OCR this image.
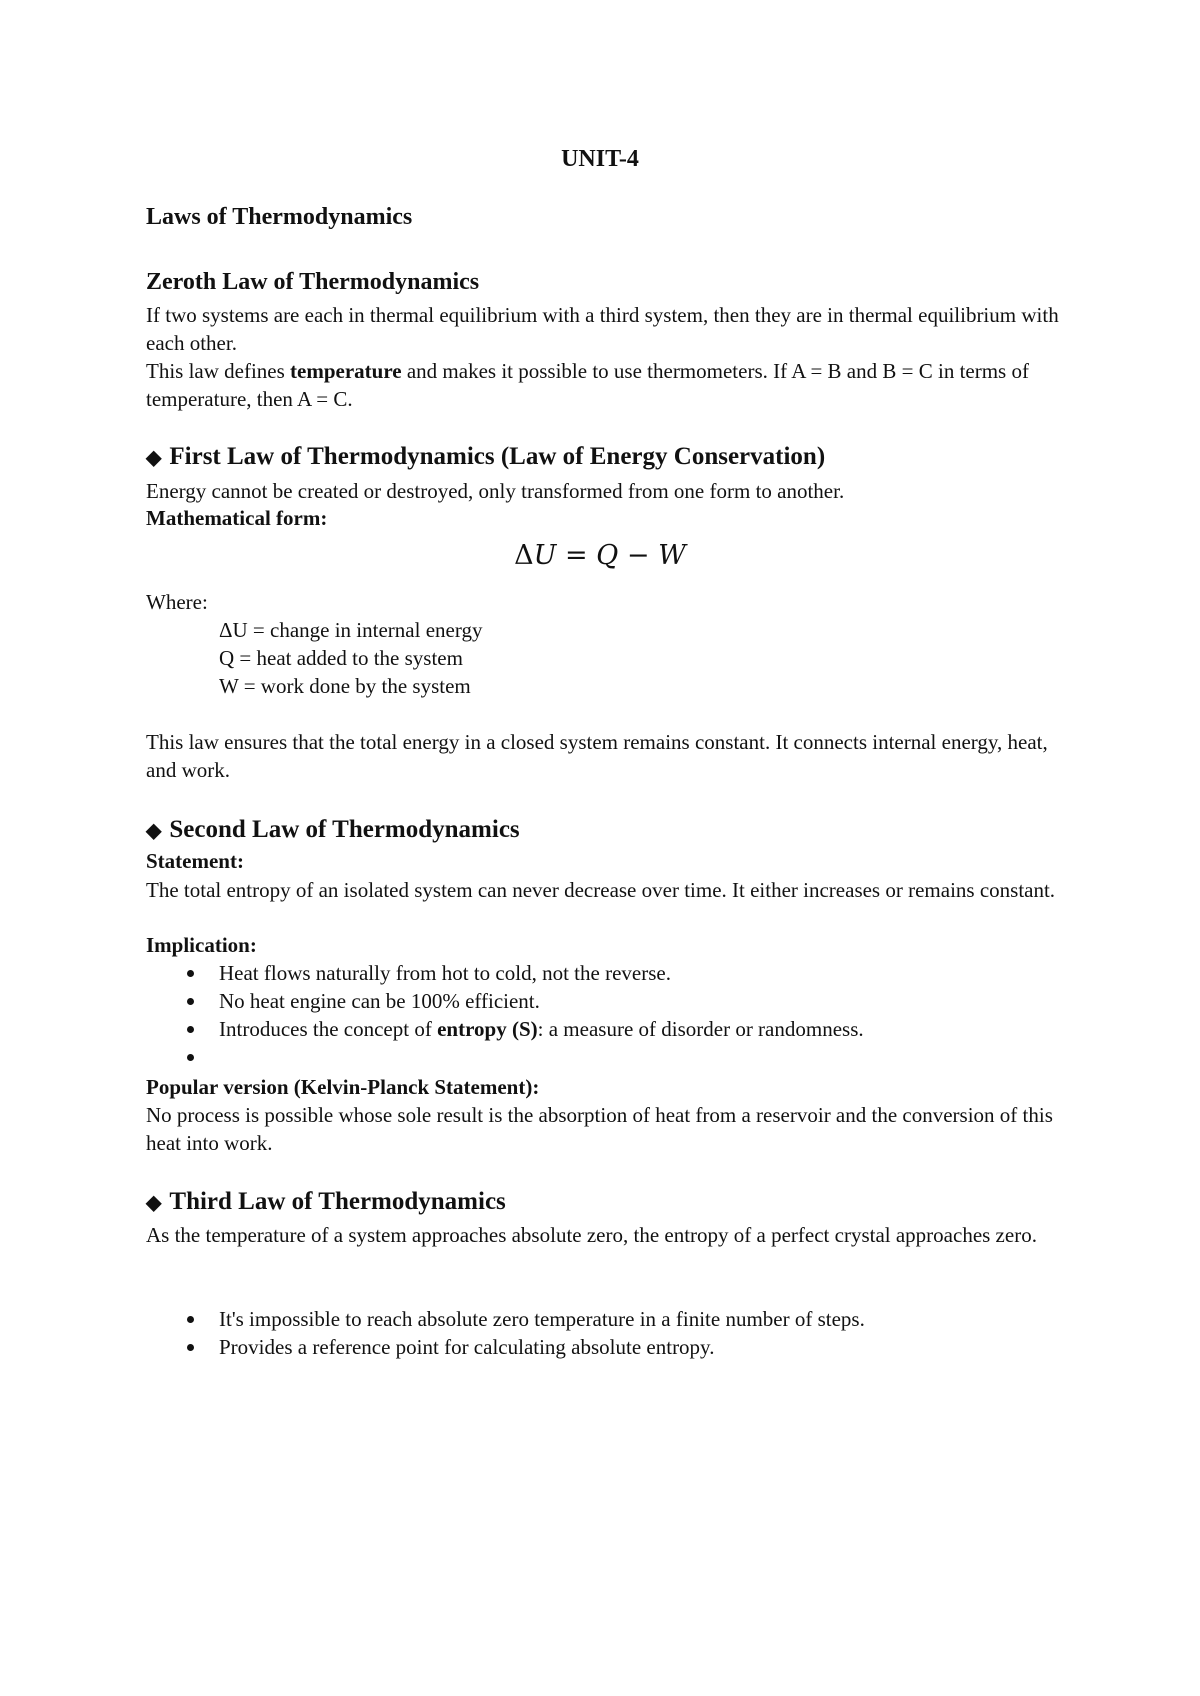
UNIT-4
Laws of Thermodynamics
Zeroth Law of Thermodynamics
If two systems are each in thermal equilibrium with a third system, then they are in thermal equilibrium with each other.
This law defines temperature and makes it possible to use thermometers. If A = B and B = C in terms of temperature, then A = C.
◆ First Law of Thermodynamics (Law of Energy Conservation)
Energy cannot be created or destroyed, only transformed from one form to another.
Mathematical form:
ΔU = Q − W
Where:
ΔU = change in internal energy
Q = heat added to the system
W = work done by the system
This law ensures that the total energy in a closed system remains constant. It connects internal energy, heat, and work.
◆ Second Law of Thermodynamics
Statement:
The total entropy of an isolated system can never decrease over time. It either increases or remains constant.
Implication:
Heat flows naturally from hot to cold, not the reverse.
No heat engine can be 100% efficient.
Introduces the concept of entropy (S): a measure of disorder or randomness.
Popular version (Kelvin-Planck Statement):
No process is possible whose sole result is the absorption of heat from a reservoir and the conversion of this heat into work.
◆ Third Law of Thermodynamics
As the temperature of a system approaches absolute zero, the entropy of a perfect crystal approaches zero.
It's impossible to reach absolute zero temperature in a finite number of steps.
Provides a reference point for calculating absolute entropy.
